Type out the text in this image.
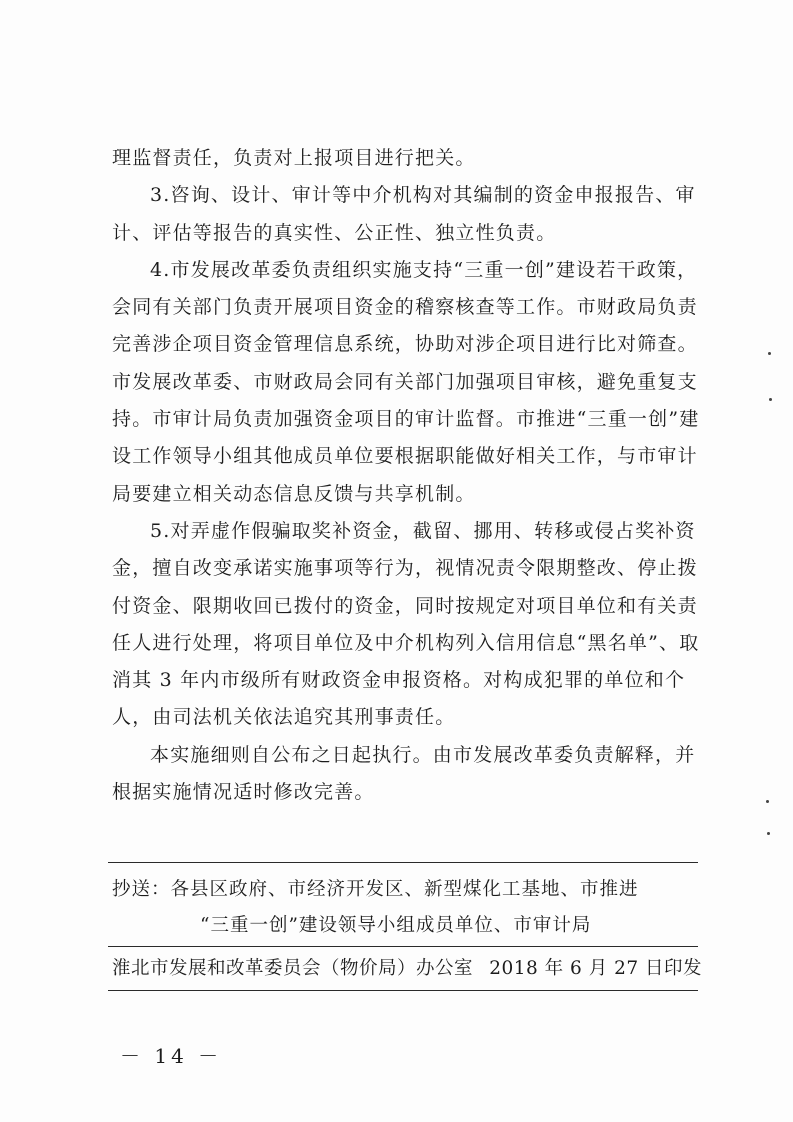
理监督责任，负责对上报项目进行把关。

3.咨询、设计、审计等中介机构对其编制的资金申报报告、审计、评估等报告的真实性、公正性、独立性负责。

4.市发展改革委负责组织实施支持“三重一创”建设若干政策，会同有关部门负责开展项目资金的稽察核查等工作。市财政局负责完善涉企项目资金管理信息系统，协助对涉企项目进行比对筛查。市发展改革委、市财政局会同有关部门加强项目审核，避免重复支持。市审计局负责加强资金项目的审计监督。市推进“三重一创”建设工作领导小组其他成员单位要根据职能做好相关工作，与市审计局要建立相关动态信息反馈与共享机制。

5.对弄虚作假骗取奖补资金，截留、挪用、转移或侵占奖补资金，擅自改变承诺实施事项等行为，视情况责令限期整改、停止拨付资金、限期收回已拨付的资金，同时按规定对项目单位和有关责任人进行处理，将项目单位及中介机构列入信用信息“黑名单”、取消其 3 年内市级所有财政资金申报资格。对构成犯罪的单位和个人，由司法机关依法追究其刑事责任。

本实施细则自公布之日起执行。由市发展改革委负责解释，并根据实施情况适时修改完善。

抄送：各县区政府、市经济开发区、新型煤化工基地、市推进
“三重一创”建设领导小组成员单位、市审计局
淮北市发展和改革委员会（物价局）办公室 2018 年 6 月 27 日印发
－ 14 －
